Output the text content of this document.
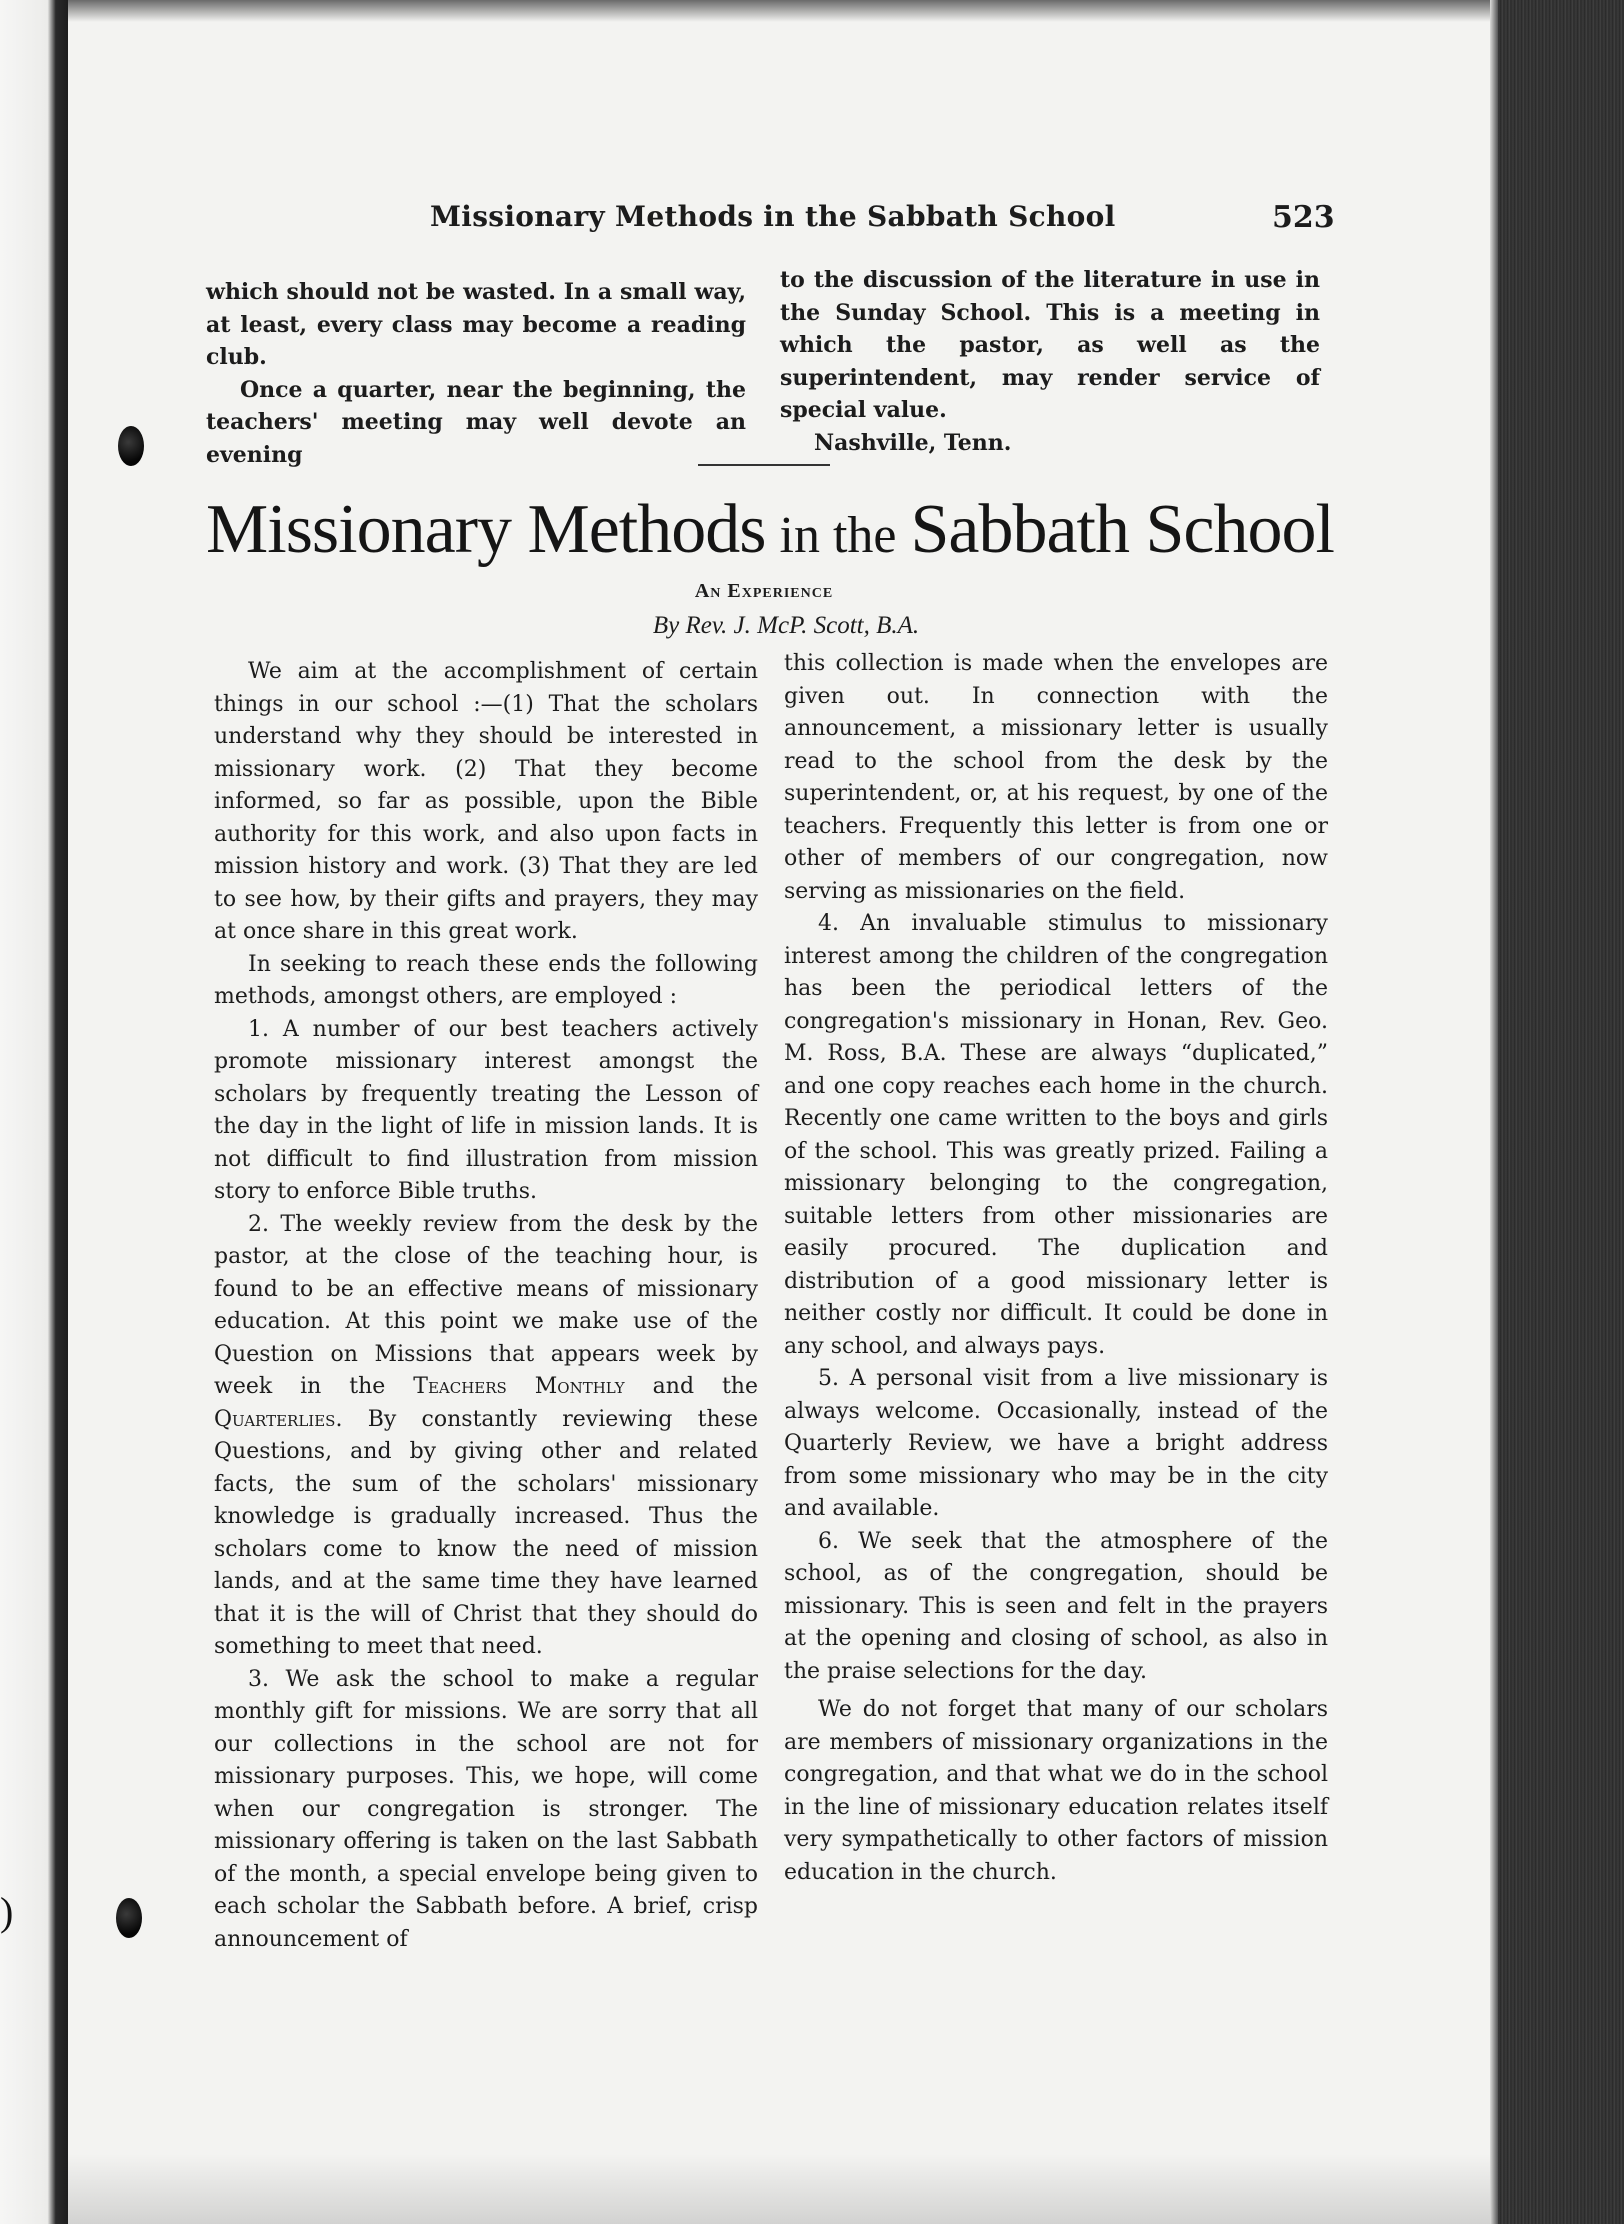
)
Missionary Methods in the Sabbath School	523

which should not be wasted. In a small way, at least, every class may become a reading club.

Once a quarter, near the beginning, the teachers' meeting may well devote an evening

to the discussion of the literature in use in the Sunday School. This is a meeting in which the pastor, as well as the superintendent, may render service of special value.

Nashville, Tenn.

Missionary Methods in the Sabbath School
An Experience
By Rev. J. McP. Scott, B.A.

We aim at the accomplishment of certain things in our school :—(1) That the scholars understand why they should be interested in missionary work. (2) That they become informed, so far as possible, upon the Bible authority for this work, and also upon facts in mission history and work. (3) That they are led to see how, by their gifts and prayers, they may at once share in this great work.

In seeking to reach these ends the following methods, amongst others, are employed :

1. A number of our best teachers actively promote missionary interest amongst the scholars by frequently treating the Lesson of the day in the light of life in mission lands. It is not difficult to find illustration from mission story to enforce Bible truths.

2. The weekly review from the desk by the pastor, at the close of the teaching hour, is found to be an effective means of missionary education. At this point we make use of the Question on Missions that appears week by week in the Teachers Monthly and the Quarterlies. By constantly reviewing these Questions, and by giving other and related facts, the sum of the scholars' missionary knowledge is gradually increased. Thus the scholars come to know the need of mission lands, and at the same time they have learned that it is the will of Christ that they should do something to meet that need.

3. We ask the school to make a regular monthly gift for missions. We are sorry that all our collections in the school are not for missionary purposes. This, we hope, will come when our congregation is stronger. The missionary offering is taken on the last Sabbath of the month, a special envelope being given to each scholar the Sabbath before. A brief, crisp announcement of

this collection is made when the envelopes are given out. In connection with the announcement, a missionary letter is usually read to the school from the desk by the superintendent, or, at his request, by one of the teachers. Frequently this letter is from one or other of members of our congregation, now serving as missionaries on the field.

4. An invaluable stimulus to missionary interest among the children of the congregation has been the periodical letters of the congregation's missionary in Honan, Rev. Geo. M. Ross, B.A. These are always “duplicated,” and one copy reaches each home in the church. Recently one came written to the boys and girls of the school. This was greatly prized. Failing a missionary belonging to the congregation, suitable letters from other missionaries are easily procured. The duplication and distribution of a good missionary letter is neither costly nor difficult. It could be done in any school, and always pays.

5. A personal visit from a live missionary is always welcome. Occasionally, instead of the Quarterly Review, we have a bright address from some missionary who may be in the city and available.

6. We seek that the atmosphere of the school, as of the congregation, should be missionary. This is seen and felt in the prayers at the opening and closing of school, as also in the praise selections for the day.

We do not forget that many of our scholars are members of missionary organizations in the congregation, and that what we do in the school in the line of missionary education relates itself very sympathetically to other factors of mission education in the church.
